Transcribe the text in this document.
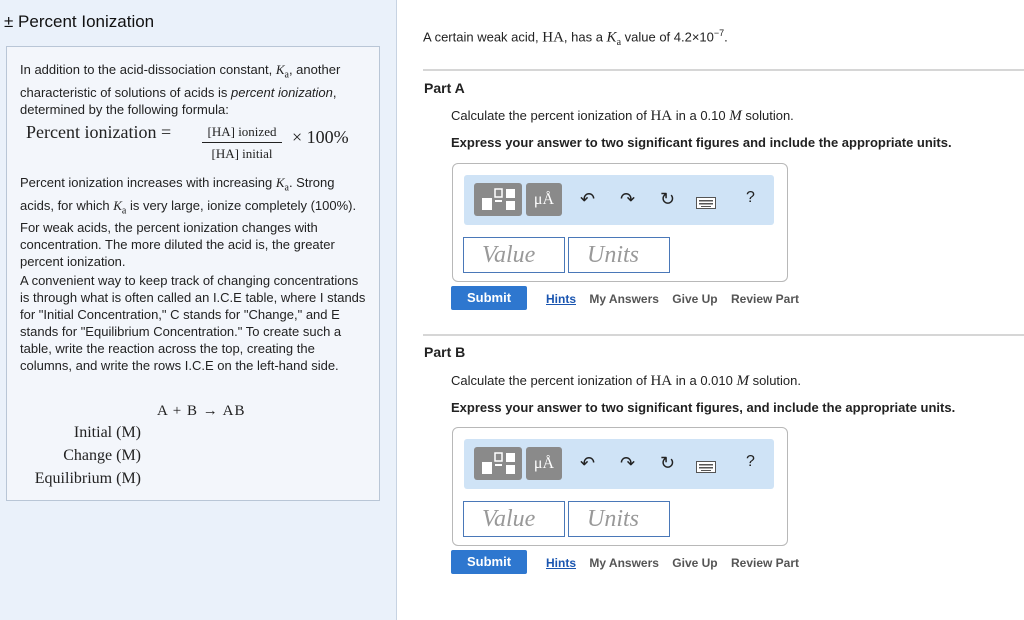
± Percent Ionization

In addition to the acid-dissociation constant, $K_a$, another characteristic of solutions of acids is percent ionization, determined by the following formula:

Percent ionization =	[HA] ionized
[HA] initial
× 100%

Percent ionization increases with increasing $K_a$. Strong acids, for which $K_a$ is very large, ionize completely (100%). For weak acids, the percent ionization changes with concentration. The more diluted the acid is, the greater percent ionization.

A convenient way to keep track of changing concentrations is through what is often called an I.C.E table, where I stands for "Initial Concentration," C stands for "Change," and E stands for "Equilibrium Concentration." To create such a table, write the reaction across the top, creating the columns, and write the rows I.C.E on the left-hand side.

A + B → AB
Initial (M)
Change (M)
Equilibrium (M)
A certain weak acid, HA, has a $K_a$ value of $4.2\times 10^{-7}$.
Part A
Calculate the percent ionization of HA in a 0.10 M solution.
Express your answer to two significant figures and include the appropriate units.
μÅ	↶ ↷ ↻	?
Value	Units
Submit	Hints My Answers Give Up Review Part
Part B
Calculate the percent ionization of HA in a 0.010 M solution.
Express your answer to two significant figures, and include the appropriate units.
μÅ	↶ ↷ ↻	?
Value	Units
Submit	Hints My Answers Give Up Review Part
